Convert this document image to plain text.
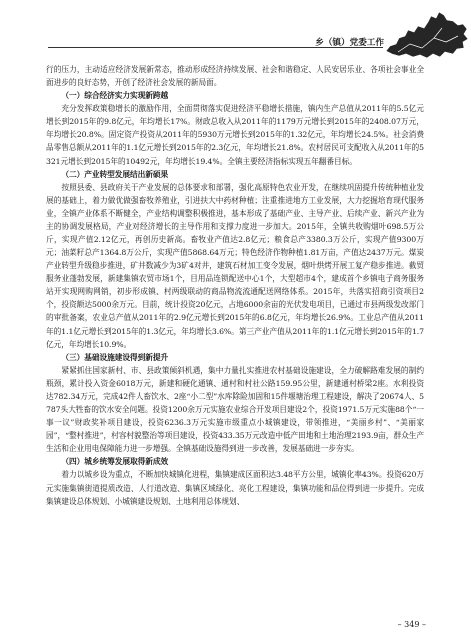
乡（镇）党委工作

行的压力，主动适应经济发展新常态，推动形成经济持续发展、社会和谐稳定、人民安居乐业、各项社会事业全面进步的良好态势，开创了经济社会发展的新局面。

（一）综合经济实力实现新跨越

充分发挥政策稳增长的激励作用，全面贯彻落实促进经济平稳增长措施，镇内生产总值从2011年的5.5亿元增长到2015年的9.8亿元，年均增长17%。财政总收入从2011年的1179万元增长到2015年的2408.07万元，年均增长20.8%。固定资产投资从2011年的5930万元增长到2015年的1.32亿元，年均增长24.5%。社会消费品零售总额从2011年的1.1亿元增长到2015年的2.3亿元，年均增长21.8%。农村居民可支配收入从2011年的5321元增长到2015年的10492元，年均增长19.4%。全镇主要经济指标实现五年翻番目标。

（二）产业转型发展结出新硕果

按照县委、县政府关于产业发展的总体要求和部署，强化高原特色农业开发，在继续巩固提升传统种植业发展的基础上，着力做优做强畜牧养殖业，引进扶大中药材种植；注重推进地方工业发展，大力挖掘培育现代服务业，全镇产业体系不断健全，产业结构调整积极推进，基本形成了基础产业、主导产业、后续产业、新兴产业为主的协调发展格局，产业对经济增长的主导作用和支撑力度进一步加大。2015年，全镇共收购烟叶698.5万公斤，实现产值2.12亿元，再创历史新高。畜牧业产值达2.8亿元；粮食总产3380.3万公斤，实现产值9300万元；油菜籽总产1364.8万公斤，实现产值5868.64万元；特色经济作物种植1.81万亩，产值达2437万元。煤炭产业转型升级稳步推进，矿井数减少为3矿4对井，建筑石材加工变令发展，烟叶烘烤开展工复产稳步推进。截贸服务业蓬勃发展，新建集镇农贸市场1个，目用品连锁配送中心1个，大型超市4个，建成首个乡镇电子商务服务站开实现网购网销，初步形成镇、村两级联动的商品物流流通配送网络体系。2015年，共落实招商引资项目2个，投资额达5000余万元。目前，统计投资20亿元，占地6000余亩的光伏发电项目，已通过市县两级发改部门的审批备案，农业总产值从2011年的2.9亿元增长到2015年的6.8亿元，年均增长26.9%。工业总产值从2011年的1.1亿元增长到2015年的1.3亿元，年均增长3.6%。第三产业产值从2011年的1.1亿元增长到2015年的1.7亿元，年均增长10.9%。

（三）基础设施建设得到新提升

紧紧抓住国家新村、市、县政策倾斜机遇，集中力量扎实推进农村基础设施建设，全力破解路难发展的制约瓶颈，累计投入资金6018万元，新建和硬化通镇、通村和村社公路159.95公里，新建通村桥梁2座。水利投资达782.34万元，完成42件人畜饮水、2座“小二型”水库除险加固和15件堰塘治理工程建设，解决了20674人、5787头大牲畜的饮水安全问题。投资1200余万元实施农业综合开发项目建设2个，投资1971.5万元实施88个“一事一议”财政奖补项目建设，投资6236.3万元实施市级重点小城镇建设，带领推进，“美丽乡村”、“美丽家园”，“整村推进”，村容村貌整治等项目建设，投资433.35万元改造中低产田地和土地治理2193.9亩，群众生产生活和企业用电保障能力进一步增强。全镇基础设施得到进一步改善，发展基础进一步夯实。

（四）城乡统筹发展取得新成效

着力以城乡设为重点，不断加快城镇化进程，集镇建成区面积达3.48平方公里，城镇化率43%。投资620万元实施集镇街道提质改造、人行道改造、集镇区域绿化、亮化工程建设，集镇功能和品位得到进一步提升。完成集镇建设总体规划、小城镇建设规划、土地利用总体规划、

– 349 –
